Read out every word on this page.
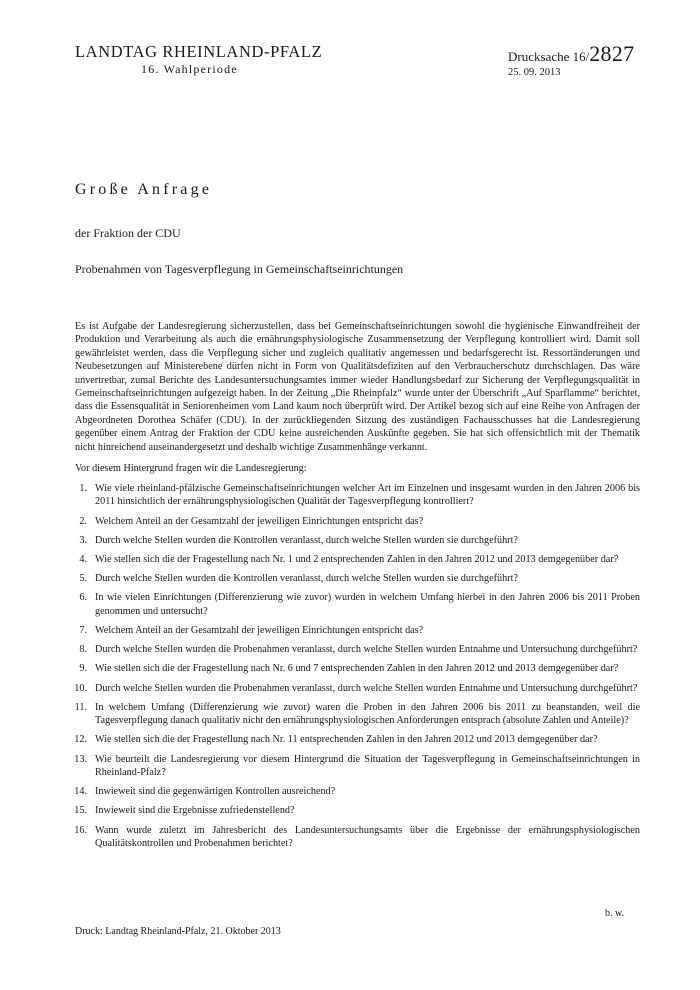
LANDTAG RHEINLAND-PFALZ
16. Wahlperiode
Drucksache 16/2827
25. 09. 2013
Große Anfrage
der Fraktion der CDU
Probenahmen von Tagesverpflegung in Gemeinschaftseinrichtungen

Es ist Aufgabe der Landesregierung sicherzustellen, dass bei Gemeinschaftseinrichtungen sowohl die hygienische Einwandfreiheit der Produktion und Verarbeitung als auch die ernährungsphysiologische Zusammensetzung der Verpflegung kontrolliert wird. Damit soll gewährleistet werden, dass die Verpflegung sicher und zugleich qualitativ angemessen und bedarfsgerecht ist. Ressortänderungen und Neubesetzungen auf Ministerebene dürfen nicht in Form von Qualitätsdefiziten auf den Verbraucherschutz durchschlagen. Das wäre unvertretbar, zumal Berichte des Landesuntersuchungsamtes immer wieder Handlungsbedarf zur Sicherung der Verpflegungsqualität in Gemeinschaftseinrichtungen aufgezeigt haben. In der Zeitung „Die Rheinpfalz“ wurde unter der Überschrift „Auf Sparflamme“ berichtet, dass die Essensqualität in Seniorenheimen vom Land kaum noch überprüft wird. Der Artikel bezog sich auf eine Reihe von Anfragen der Abgeordneten Dorothea Schäfer (CDU). In der zurückliegenden Sitzung des zuständigen Fachausschusses hat die Landesregierung gegenüber einem Antrag der Fraktion der CDU keine ausreichenden Auskünfte gegeben. Sie hat sich offensichtlich mit der Thematik nicht hinreichend auseinandergesetzt und deshalb wichtige Zusammenhänge verkannt.

Vor diesem Hintergrund fragen wir die Landesregierung:

1. Wie viele rheinland-pfälzische Gemeinschaftseinrichtungen welcher Art im Einzelnen und insgesamt wurden in den Jahren 2006 bis 2011 hinsichtlich der ernährungsphysiologischen Qualität der Tagesverpflegung kontrolliert?
2. Welchem Anteil an der Gesamtzahl der jeweiligen Einrichtungen entspricht das?
3. Durch welche Stellen wurden die Kontrollen veranlasst, durch welche Stellen wurden sie durchgeführt?
4. Wie stellen sich die der Fragestellung nach Nr. 1 und 2 entsprechenden Zahlen in den Jahren 2012 und 2013 demgegenüber dar?
5. Durch welche Stellen wurden die Kontrollen veranlasst, durch welche Stellen wurden sie durchgeführt?
6. In wie vielen Einrichtungen (Differenzierung wie zuvor) wurden in welchem Umfang hierbei in den Jahren 2006 bis 2011 Proben genommen und untersucht?
7. Welchem Anteil an der Gesamtzahl der jeweiligen Einrichtungen entspricht das?
8. Durch welche Stellen wurden die Probenahmen veranlasst, durch welche Stellen wurden Entnahme und Untersuchung durchgeführt?
9. Wie stellen sich die der Fragestellung nach Nr. 6 und 7 entsprechenden Zahlen in den Jahren 2012 und 2013 demgegenüber dar?
10. Durch welche Stellen wurden die Probenahmen veranlasst, durch welche Stellen wurden Entnahme und Untersuchung durchgeführt?
11. In welchem Umfang (Differenzierung wie zuvor) waren die Proben in den Jahren 2006 bis 2011 zu beanstanden, weil die Tagesverpflegung danach qualitativ nicht den ernährungsphysiologischen Anforderungen entsprach (absolute Zahlen und Anteile)?
12. Wie stellen sich die der Fragestellung nach Nr. 11 entsprechenden Zahlen in den Jahren 2012 und 2013 demgegenüber dar?
13. Wie beurteilt die Landesregierung vor diesem Hintergrund die Situation der Tagesverpflegung in Gemeinschaftseinrichtungen in Rheinland-Pfalz?
14. Inwieweit sind die gegenwärtigen Kontrollen ausreichend?
15. Inwieweit sind die Ergebnisse zufriedenstellend?
16. Wann wurde zuletzt im Jahresbericht des Landesuntersuchungsamts über die Ergebnisse der ernährungsphysiologischen Qualitätskontrollen und Probenahmen berichtet?
b. w.
Druck: Landtag Rheinland-Pfalz, 21. Oktober 2013
